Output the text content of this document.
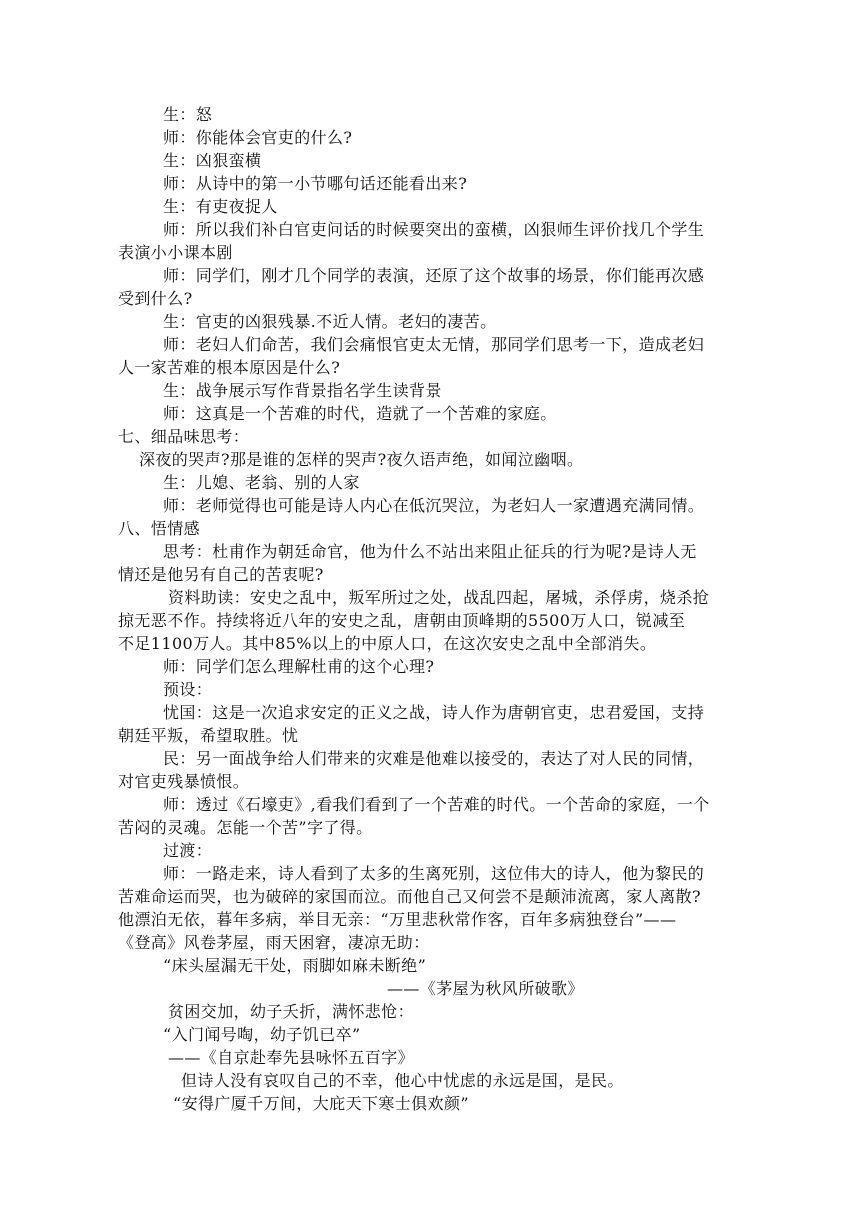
生：怒
师：你能体会官吏的什么?
生：凶狠蛮横
师：从诗中的第一小节哪句话还能看出来?
生：有吏夜捉人
师：所以我们补白官吏问话的时候要突出的蛮横，凶狠师生评价找几个学生
表演小小课本剧
师：同学们，刚才几个同学的表演，还原了这个故事的场景，你们能再次感
受到什么?
生：官吏的凶狠残暴.不近人情。老妇的凄苦。
师：老妇人们命苦，我们会痛恨官吏太无情，那同学们思考一下，造成老妇
人一家苦难的根本原因是什么?
生：战争展示写作背景指名学生读背景
师：这真是一个苦难的时代，造就了一个苦难的家庭。
七、细品味思考：
深夜的哭声?那是谁的怎样的哭声?夜久语声绝，如闻泣幽咽。
生：儿媳、老翁、别的人家
师：老师觉得也可能是诗人内心在低沉哭泣，为老妇人一家遭遇充满同情。
八、悟情感
思考：杜甫作为朝廷命官，他为什么不站出来阻止征兵的行为呢?是诗人无
情还是他另有自己的苦衷呢?
资料助读：安史之乱中，叛军所过之处，战乱四起，屠城，杀俘虏，烧杀抢
掠无恶不作。持续将近八年的安史之乱，唐朝由顶峰期的5500万人口，锐减至
不足1100万人。其中85%以上的中原人口，在这次安史之乱中全部消失。
师：同学们怎么理解杜甫的这个心理?
预设：
忧国：这是一次追求安定的正义之战，诗人作为唐朝官吏，忠君爱国，支持
朝廷平叛，希望取胜。忧
民：另一面战争给人们带来的灾难是他难以接受的，表达了对人民的同情，
对官吏残暴愤恨。
师：透过《石壕吏》,看我们看到了一个苦难的时代。一个苦命的家庭，一个
苦闷的灵魂。怎能一个苦”字了得。
过渡：
师：一路走来，诗人看到了太多的生离死别，这位伟大的诗人，他为黎民的
苦难命运而哭，也为破碎的家国而泣。而他自己又何尝不是颠沛流离，家人离散?
他漂泊无依，暮年多病，举目无亲：“万里悲秋常作客，百年多病独登台”——
《登高》风卷茅屋，雨天困窘，凄凉无助：
“床头屋漏无干处，雨脚如麻未断绝”
——《茅屋为秋风所破歌》
贫困交加，幼子夭折，满怀悲怆：
“入门闻号啕，幼子饥已卒”
——《自京赴奉先县咏怀五百字》
但诗人没有哀叹自己的不幸，他心中忧虑的永远是国，是民。
“安得广厦千万间，大庇天下寒士俱欢颜”
